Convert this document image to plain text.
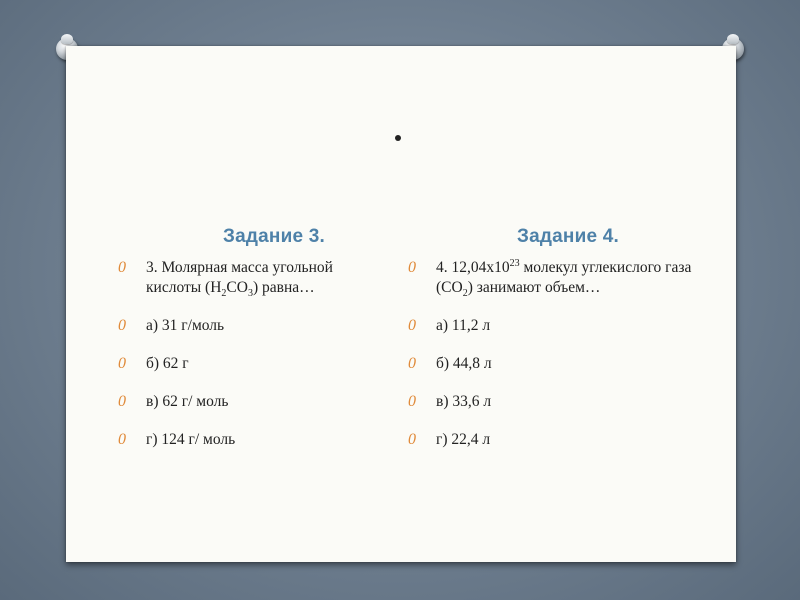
Задание 3.
0 3. Молярная масса угольной кислоты $(H_2CO_3)$ равна…
0 а) 31 г/моль
0 б) 62 г
0 в) 62 г/ моль
0 г) 124 г/ моль
Задание 4.
0 4. $12,04х10^{23}$ молекул углекислого газа $(CO_2)$ занимают объем…
0 а) 11,2 л
0 б) 44,8 л
0 в) 33,6 л
0 г) 22,4 л
